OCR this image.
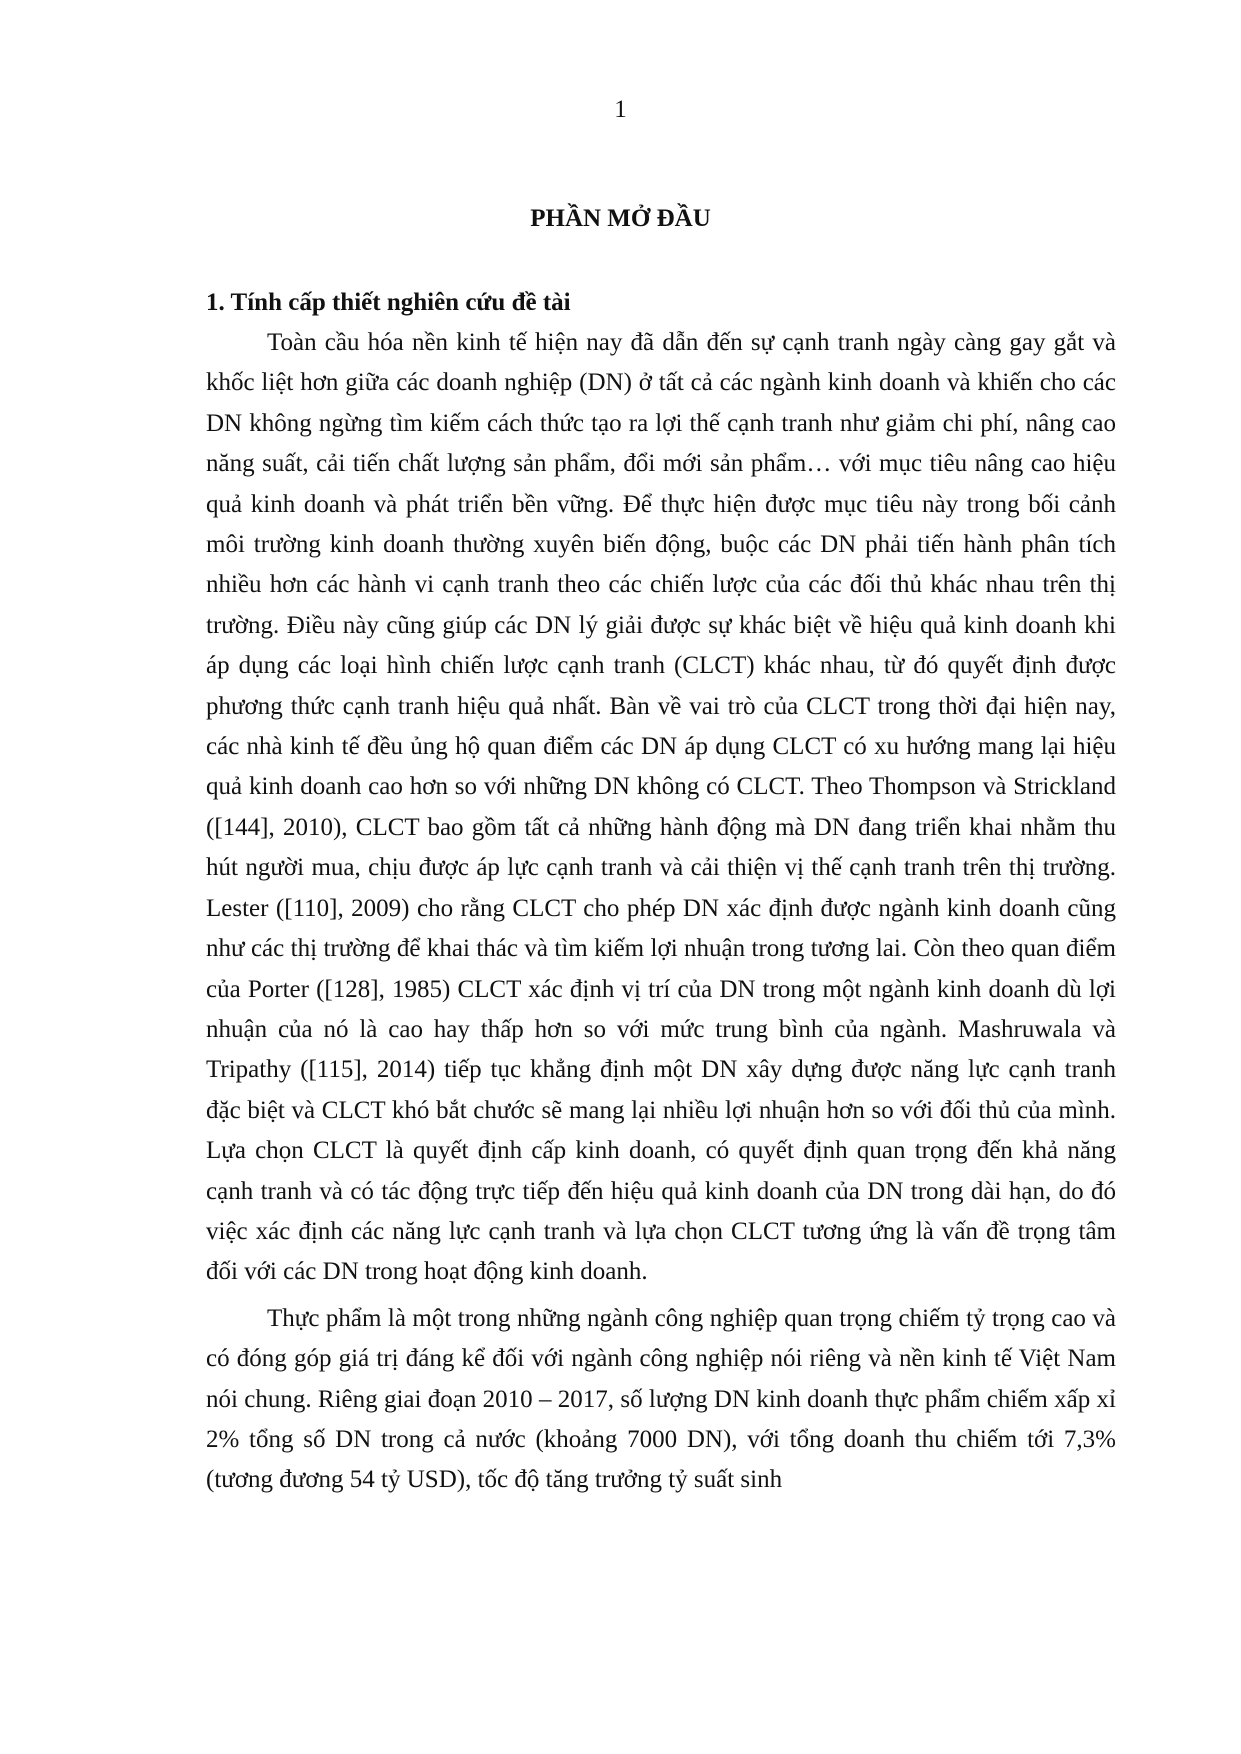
1
PHẦN MỞ ĐẦU
1. Tính cấp thiết nghiên cứu đề tài

Toàn cầu hóa nền kinh tế hiện nay đã dẫn đến sự cạnh tranh ngày càng gay gắt và khốc liệt hơn giữa các doanh nghiệp (DN) ở tất cả các ngành kinh doanh và khiến cho các DN không ngừng tìm kiếm cách thức tạo ra lợi thế cạnh tranh như giảm chi phí, nâng cao năng suất, cải tiến chất lượng sản phẩm, đổi mới sản phẩm… với mục tiêu nâng cao hiệu quả kinh doanh và phát triển bền vững. Để thực hiện được mục tiêu này trong bối cảnh môi trường kinh doanh thường xuyên biến động, buộc các DN phải tiến hành phân tích nhiều hơn các hành vi cạnh tranh theo các chiến lược của các đối thủ khác nhau trên thị trường. Điều này cũng giúp các DN lý giải được sự khác biệt về hiệu quả kinh doanh khi áp dụng các loại hình chiến lược cạnh tranh (CLCT) khác nhau, từ đó quyết định được phương thức cạnh tranh hiệu quả nhất. Bàn về vai trò của CLCT trong thời đại hiện nay, các nhà kinh tế đều ủng hộ quan điểm các DN áp dụng CLCT có xu hướng mang lại hiệu quả kinh doanh cao hơn so với những DN không có CLCT. Theo Thompson và Strickland ([144], 2010), CLCT bao gồm tất cả những hành động mà DN đang triển khai nhằm thu hút người mua, chịu được áp lực cạnh tranh và cải thiện vị thế cạnh tranh trên thị trường. Lester ([110], 2009) cho rằng CLCT cho phép DN xác định được ngành kinh doanh cũng như các thị trường để khai thác và tìm kiếm lợi nhuận trong tương lai. Còn theo quan điểm của Porter ([128], 1985) CLCT xác định vị trí của DN trong một ngành kinh doanh dù lợi nhuận của nó là cao hay thấp hơn so với mức trung bình của ngành. Mashruwala và Tripathy ([115], 2014) tiếp tục khẳng định một DN xây dựng được năng lực cạnh tranh đặc biệt và CLCT khó bắt chước sẽ mang lại nhiều lợi nhuận hơn so với đối thủ của mình. Lựa chọn CLCT là quyết định cấp kinh doanh, có quyết định quan trọng đến khả năng cạnh tranh và có tác động trực tiếp đến hiệu quả kinh doanh của DN trong dài hạn, do đó việc xác định các năng lực cạnh tranh và lựa chọn CLCT tương ứng là vấn đề trọng tâm đối với các DN trong hoạt động kinh doanh.

Thực phẩm là một trong những ngành công nghiệp quan trọng chiếm tỷ trọng cao và có đóng góp giá trị đáng kể đối với ngành công nghiệp nói riêng và nền kinh tế Việt Nam nói chung. Riêng giai đoạn 2010 – 2017, số lượng DN kinh doanh thực phẩm chiếm xấp xỉ 2% tổng số DN trong cả nước (khoảng 7000 DN), với tổng doanh thu chiếm tới 7,3% (tương đương 54 tỷ USD), tốc độ tăng trưởng tỷ suất sinh
